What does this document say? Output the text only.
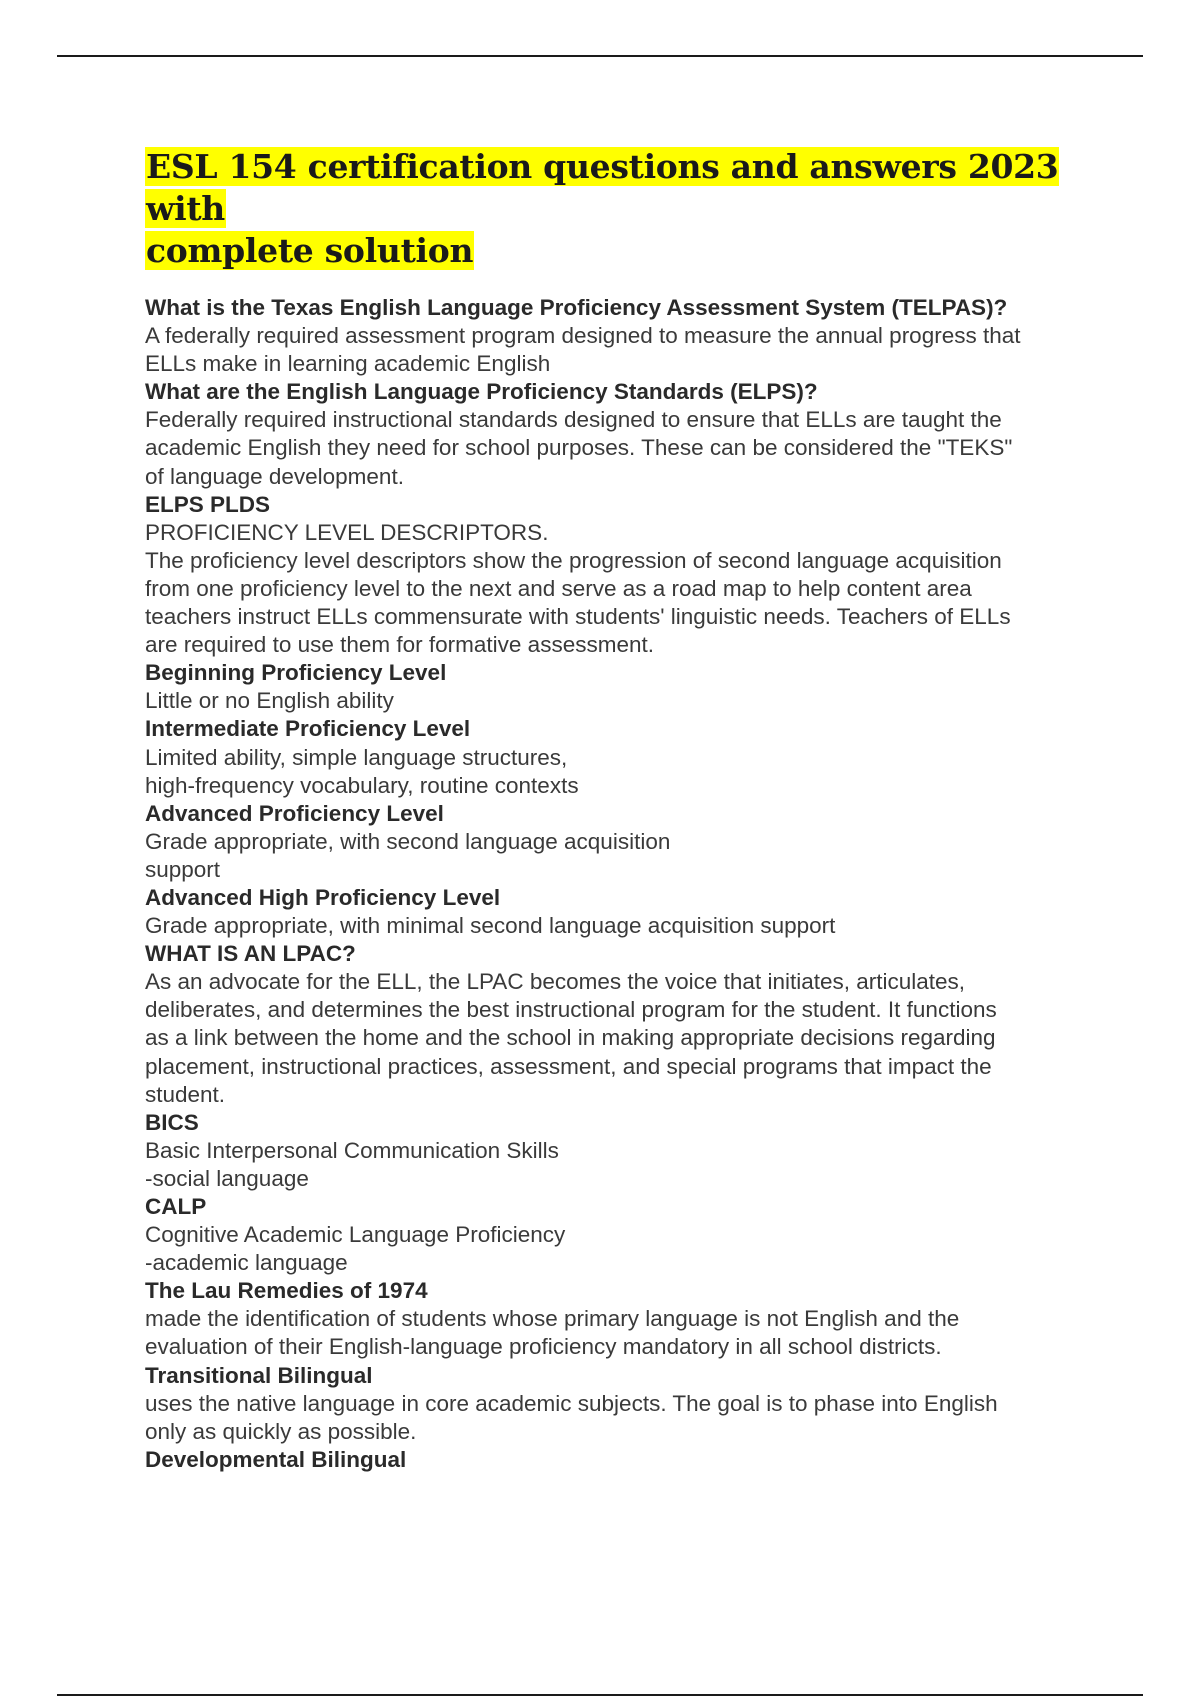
ESL 154 certification questions and answers 2023 with
complete solution
What is the Texas English Language Proficiency Assessment System (TELPAS)?
A federally required assessment program designed to measure the annual progress that
ELLs make in learning academic English
What are the English Language Proficiency Standards (ELPS)?
Federally required instructional standards designed to ensure that ELLs are taught the
academic English they need for school purposes. These can be considered the "TEKS"
of language development.
ELPS PLDS
PROFICIENCY LEVEL DESCRIPTORS.
The proficiency level descriptors show the progression of second language acquisition
from one proficiency level to the next and serve as a road map to help content area
teachers instruct ELLs commensurate with students' linguistic needs. Teachers of ELLs
are required to use them for formative assessment.
Beginning Proficiency Level
Little or no English ability
Intermediate Proficiency Level
Limited ability, simple language structures,
high-frequency vocabulary, routine contexts
Advanced Proficiency Level
Grade appropriate, with second language acquisition
support
Advanced High Proficiency Level
Grade appropriate, with minimal second language acquisition support
WHAT IS AN LPAC?
As an advocate for the ELL, the LPAC becomes the voice that initiates, articulates,
deliberates, and determines the best instructional program for the student. It functions
as a link between the home and the school in making appropriate decisions regarding
placement, instructional practices, assessment, and special programs that impact the
student.
BICS
Basic Interpersonal Communication Skills
-social language
CALP
Cognitive Academic Language Proficiency
-academic language
The Lau Remedies of 1974
made the identification of students whose primary language is not English and the
evaluation of their English-language proficiency mandatory in all school districts.
Transitional Bilingual
uses the native language in core academic subjects. The goal is to phase into English
only as quickly as possible.
Developmental Bilingual
